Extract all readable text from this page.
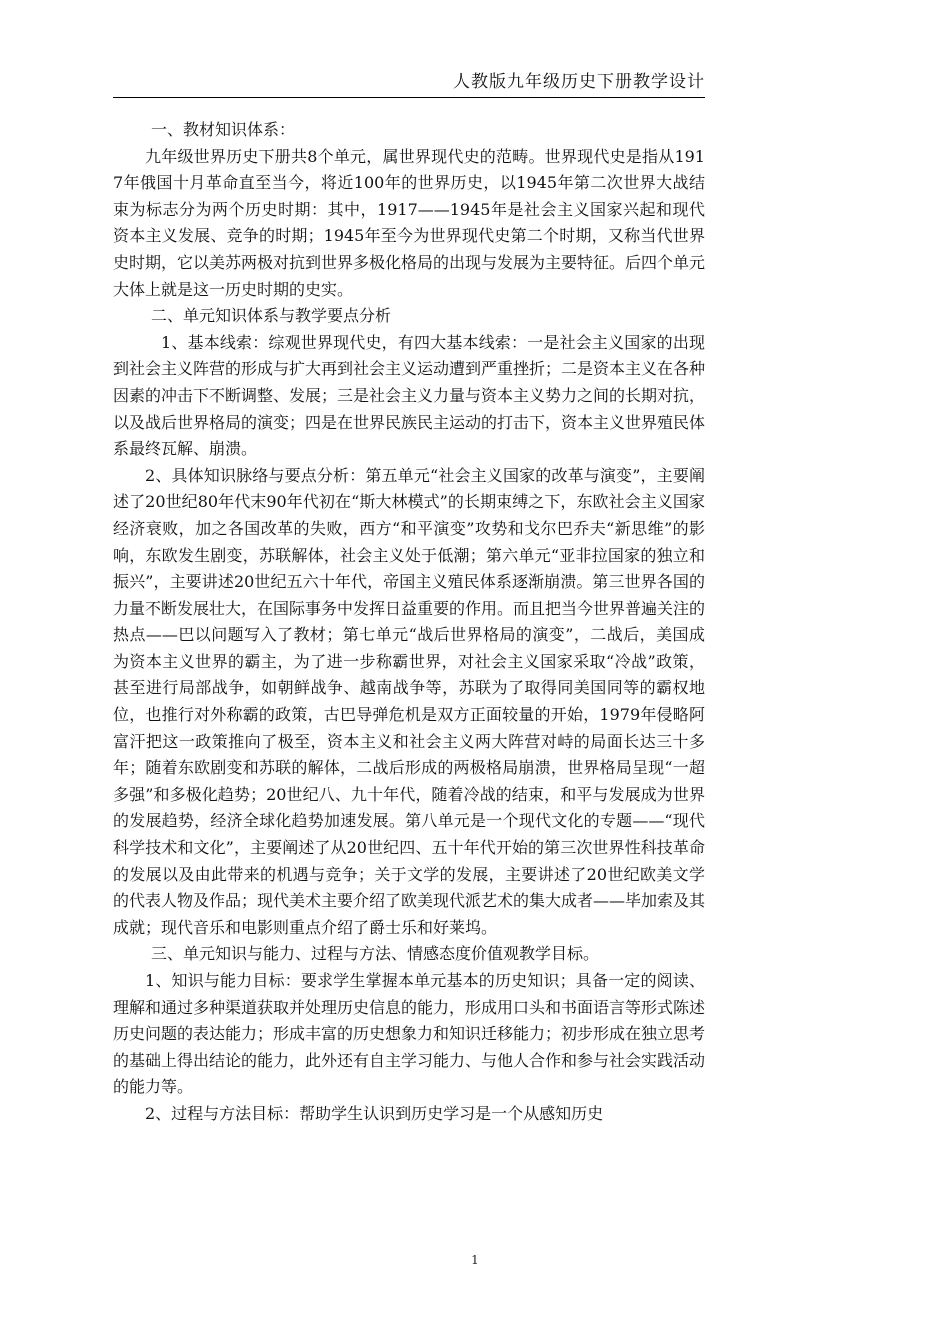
人教版九年级历史下册教学设计

一、教材知识体系：

九年级世界历史下册共8个单元，属世界现代史的范畴。世界现代史是指从1917年俄国十月革命直至当今，将近100年的世界历史，以1945年第二次世界大战结束为标志分为两个历史时期：其中，1917——1945年是社会主义国家兴起和现代资本主义发展、竞争的时期；1945年至今为世界现代史第二个时期，又称当代世界史时期，它以美苏两极对抗到世界多极化格局的出现与发展为主要特征。后四个单元大体上就是这一历史时期的史实。

二、单元知识体系与教学要点分析

1、基本线索：综观世界现代史，有四大基本线索：一是社会主义国家的出现到社会主义阵营的形成与扩大再到社会主义运动遭到严重挫折；二是资本主义在各种因素的冲击下不断调整、发展；三是社会主义力量与资本主义势力之间的长期对抗，以及战后世界格局的演变；四是在世界民族民主运动的打击下，资本主义世界殖民体系最终瓦解、崩溃。

2、具体知识脉络与要点分析：第五单元“社会主义国家的改革与演变”，主要阐述了20世纪80年代末90年代初在“斯大林模式”的长期束缚之下，东欧社会主义国家经济衰败，加之各国改革的失败，西方“和平演变”攻势和戈尔巴乔夫“新思维”的影响，东欧发生剧变，苏联解体，社会主义处于低潮；第六单元“亚非拉国家的独立和振兴”，主要讲述20世纪五六十年代，帝国主义殖民体系逐渐崩溃。第三世界各国的力量不断发展壮大，在国际事务中发挥日益重要的作用。而且把当今世界普遍关注的热点——巴以问题写入了教材；第七单元“战后世界格局的演变”，二战后，美国成为资本主义世界的霸主，为了进一步称霸世界，对社会主义国家采取“冷战”政策，甚至进行局部战争，如朝鲜战争、越南战争等，苏联为了取得同美国同等的霸权地位，也推行对外称霸的政策，古巴导弹危机是双方正面较量的开始，1979年侵略阿富汗把这一政策推向了极至，资本主义和社会主义两大阵营对峙的局面长达三十多年；随着东欧剧变和苏联的解体，二战后形成的两极格局崩溃，世界格局呈现“一超多强”和多极化趋势；20世纪八、九十年代，随着冷战的结束，和平与发展成为世界的发展趋势，经济全球化趋势加速发展。第八单元是一个现代文化的专题——“现代科学技术和文化”，主要阐述了从20世纪四、五十年代开始的第三次世界性科技革命的发展以及由此带来的机遇与竞争；关于文学的发展，主要讲述了20世纪欧美文学的代表人物及作品；现代美术主要介绍了欧美现代派艺术的集大成者——毕加索及其成就；现代音乐和电影则重点介绍了爵士乐和好莱坞。

三、单元知识与能力、过程与方法、情感态度价值观教学目标。

1、知识与能力目标：要求学生掌握本单元基本的历史知识；具备一定的阅读、理解和通过多种渠道获取并处理历史信息的能力，形成用口头和书面语言等形式陈述历史问题的表达能力；形成丰富的历史想象力和知识迁移能力；初步形成在独立思考的基础上得出结论的能力，此外还有自主学习能力、与他人合作和参与社会实践活动的能力等。

2、过程与方法目标：帮助学生认识到历史学习是一个从感知历史

1
